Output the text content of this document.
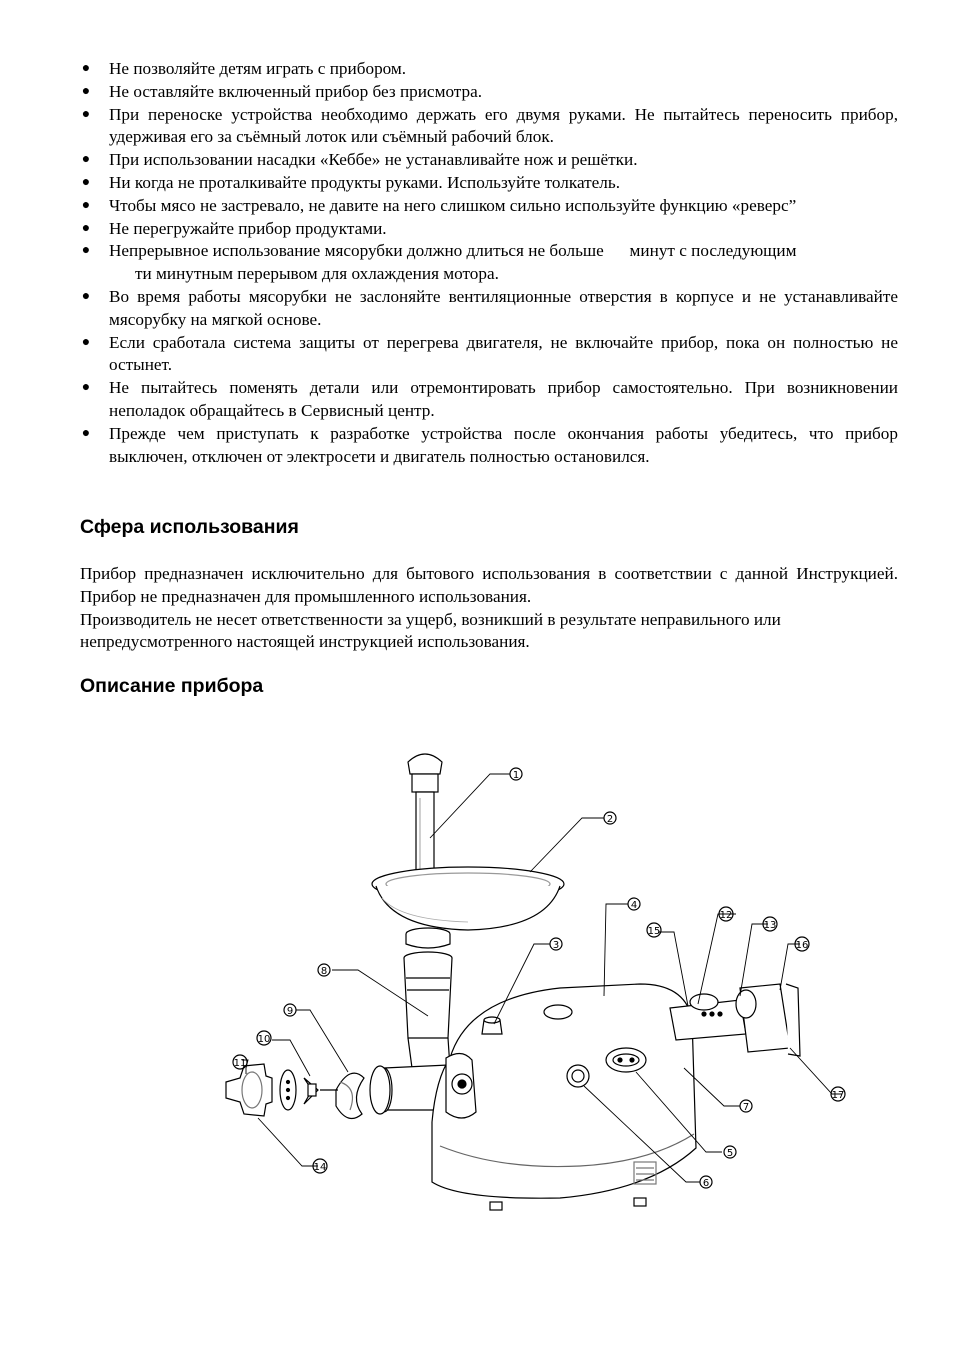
● Не позволяйте детям играть с прибором.
● Не оставляйте включенный прибор без присмотра.
● При переноске устройства необходимо держать его двумя руками. Не пытайтесь переносить прибор, удерживая его за съёмный лоток или съёмный рабочий блок.
● При использовании насадки «Кеббе» не устанавливайте нож и решётки.
● Ни когда не проталкивайте продукты руками. Используйте толкатель.
● Чтобы мясо не застревало, не давите на него слишком сильно используйте функцию «реверс”
● Не перегружайте прибор продуктами.
● Непрерывное использование мясорубки должно длиться не больше      минут с последующим
ти минутным перерывом для охлаждения мотора.
● Во время работы мясорубки не заслоняйте вентиляционные отверстия в корпусе и не устанавливайте мясорубку на мягкой основе.
● Если сработала система защиты от перегрева двигателя, не включайте прибор, пока он полностью не остынет.
● Не пытайтесь поменять детали или отремонтировать прибор самостоятельно. При возникновении неполадок обращайтесь в Сервисный центр.
● Прежде чем приступать к разработке устройства после окончания работы убедитесь, что прибор выключен, отключен от электросети и двигатель полностью остановился.
Сфера использования

Прибор предназначен исключительно для бытового использования в соответствии с данной Инструкцией. Прибор не предназначен для промышленного использования.

Производитель не несет ответственности за ущерб, возникший в результате неправильного или непредусмотренного настоящей инструкцией использования.

Описание прибора
1
2
3
4
5
6
7
8
9
10
11
12
13
14
15
16
17
